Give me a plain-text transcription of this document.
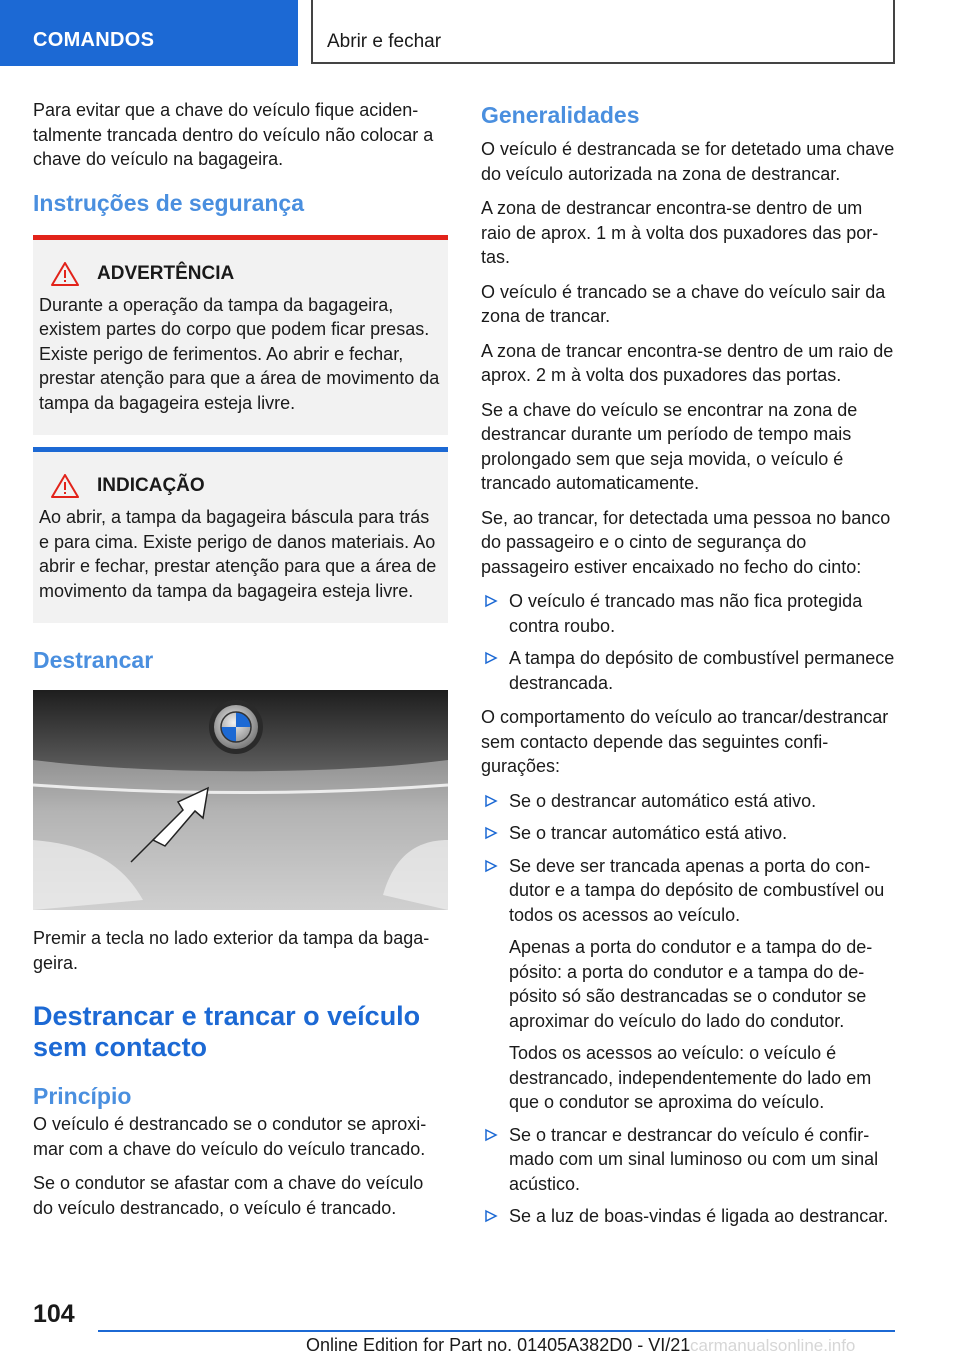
COMANDOS	Abrir e fechar

Para evitar que a chave do veículo fique acidentalmente trancada dentro do veículo não colocar a chave do veículo na bagageira.

Instruções de segurança
ADVERTÊNCIA

Durante a operação da tampa da bagageira, existem partes do corpo que podem ficar presas. Existe perigo de ferimentos. Ao abrir e fechar, prestar atenção para que a área de movimento da tampa da bagageira esteja livre.

INDICAÇÃO

Ao abrir, a tampa da bagageira báscula para trás e para cima. Existe perigo de danos materiais. Ao abrir e fechar, prestar atenção para que a área de movimento da tampa da bagageira esteja livre.

Destrancar

Premir a tecla no lado exterior da tampa da bagageira.

Destrancar e trancar o veículo sem contacto
Princípio

O veículo é destrancado se o condutor se aproximar com a chave do veículo do veículo trancado.

Se o condutor se afastar com a chave do veículo do veículo destrancado, o veículo é trancado.

Generalidades

O veículo é destrancada se for detetado uma chave do veículo autorizada na zona de destrancar.

A zona de destrancar encontra-se dentro de um raio de aprox. 1 m à volta dos puxadores das portas.

O veículo é trancado se a chave do veículo sair da zona de trancar.

A zona de trancar encontra-se dentro de um raio de aprox. 2 m à volta dos puxadores das portas.

Se a chave do veículo se encontrar na zona de destrancar durante um período de tempo mais prolongado sem que seja movida, o veículo é trancado automaticamente.

Se, ao trancar, for detectada uma pessoa no banco do passageiro e o cinto de segurança do passageiro estiver encaixado no fecho do cinto:

O veículo é trancado mas não fica protegida contra roubo.
A tampa do depósito de combustível permanece destrancada.

O comportamento do veículo ao trancar/destrancar sem contacto depende das seguintes configurações:

Se o destrancar automático está ativo.
Se o trancar automático está ativo.
Se deve ser trancada apenas a porta do condutor e a tampa do depósito de combustível ou todos os acessos ao veículo.
Apenas a porta do condutor e a tampa do depósito: a porta do condutor e a tampa do depósito só são destrancadas se o condutor se aproximar do veículo do lado do condutor.
Todos os acessos ao veículo: o veículo é destrancado, independentemente do lado em que o condutor se aproxima do veículo.
Se o trancar e destrancar do veículo é confirmado com um sinal luminoso ou com um sinal acústico.
Se a luz de boas-vindas é ligada ao destrancar.
104
Online Edition for Part no. 01405A382D0 - VI/21 carmanualsonline.info
